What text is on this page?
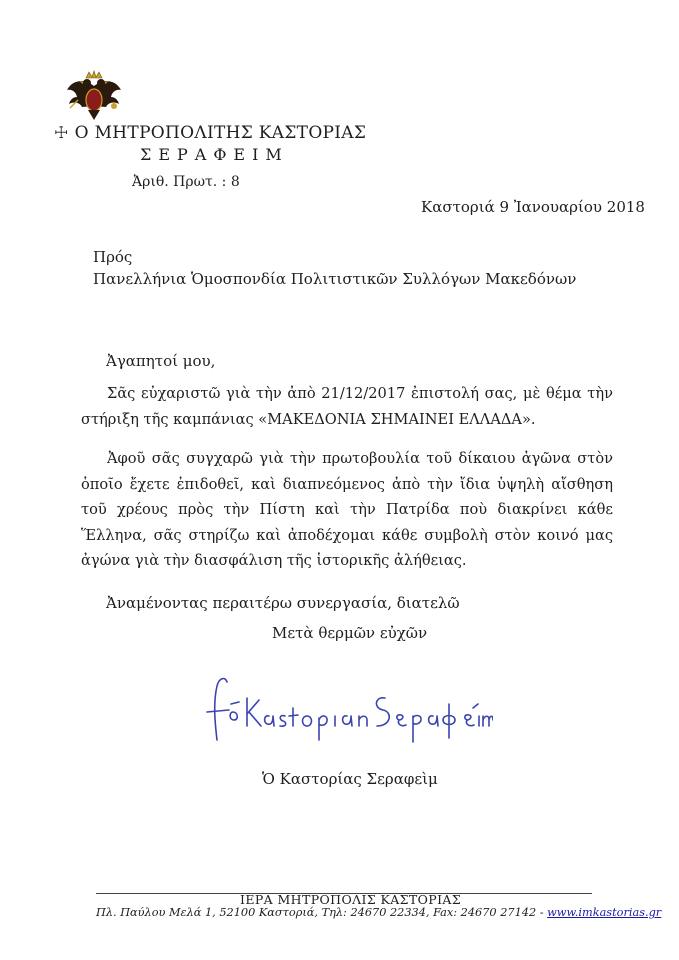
☩ Ο ΜΗΤΡΟΠΟΛΙΤΗΣ ΚΑΣΤΟΡΙΑΣ
ΣΕΡΑΦΕΙΜ
Ἀριθ. Πρωτ. : 8
Καστοριά 9 Ἰανουαρίου 2018
Πρός
Πανελλήνια Ὁμοσπονδία Πολιτιστικῶν Συλλόγων Μακεδόνων
Ἀγαπητοί μου,

Σᾶς εὐχαριστῶ γιὰ τὴν ἀπὸ 21/12/2017 ἐπιστολή σας, μὲ θέμα τὴν στήριξη τῆς καμπάνιας «ΜΑΚΕΔΟΝΙΑ ΣΗΜΑΙΝΕΙ ΕΛΛΑΔΑ».

Ἀφοῦ σᾶς συγχαρῶ γιὰ τὴν πρωτοβουλία τοῦ δίκαιου ἀγῶνα στὸν ὁποῖο ἔχετε ἐπιδοθεῖ, καὶ διαπνεόμενος ἀπὸ τὴν ἴδια ὑψηλὴ αἴσθηση τοῦ χρέους πρὸς τὴν Πίστη καὶ τὴν Πατρίδα ποὺ διακρίνει κάθε Ἕλληνα, σᾶς στηρίζω καὶ ἀποδέχομαι κάθε συμβολὴ στὸν κοινό μας ἀγώνα γιὰ τὴν διασφάλιση τῆς ἱστορικῆς ἀλήθειας.

Ἀναμένοντας περαιτέρω συνεργασία, διατελῶ
Μετὰ θερμῶν εὐχῶν
Ὁ Καστορίας Σεραφεὶμ
ΙΕΡΑ ΜΗΤΡΟΠΟΛΙΣ ΚΑΣΤΟΡΙΑΣ
Πλ. Παύλου Μελά 1, 52100 Καστοριά, Τηλ: 24670 22334, Fax: 24670 27142 - www.imkastorias.gr
